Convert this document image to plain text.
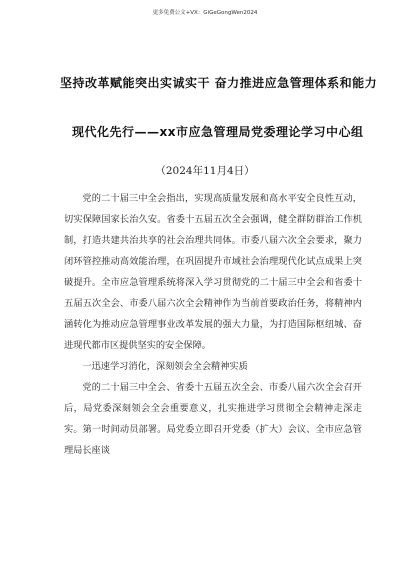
更多免费公文+VX：GiGeGongWen2024
坚持改革赋能突出实诚实干 奋力推进应急管理体系和能力
现代化先行——xx市应急管理局党委理论学习中心组
（2024年11月4日）

党的二十届三中全会指出，实现高质量发展和高水平安全良性互动，切实保障国家长治久安。省委十五届五次全会强调，健全群防群治工作机制，打造共建共治共享的社会治理共同体。市委八届六次全会要求，聚力闭环管控推动高效能治理，在巩固提升市域社会治理现代化试点成果上突破提升。全市应急管理系统将深入学习贯彻党的二十届三中全会和省委十五届五次全会、市委八届六次全会精神作为当前首要政治任务，将精神内涵转化为推动应急管理事业改革发展的强大力量，为打造国际枢纽城、奋进现代都市区提供坚实的安全保障。

一迅速学习消化，深刻领会全会精神实质

党的二十届三中全会、省委十五届五次全会、市委八届六次全会召开后，局党委深刻领会全会重要意义，扎实推进学习贯彻全会精神走深走实。第一时间动员部署。局党委立即召开党委（扩大）会议、全市应急管理局长座谈
